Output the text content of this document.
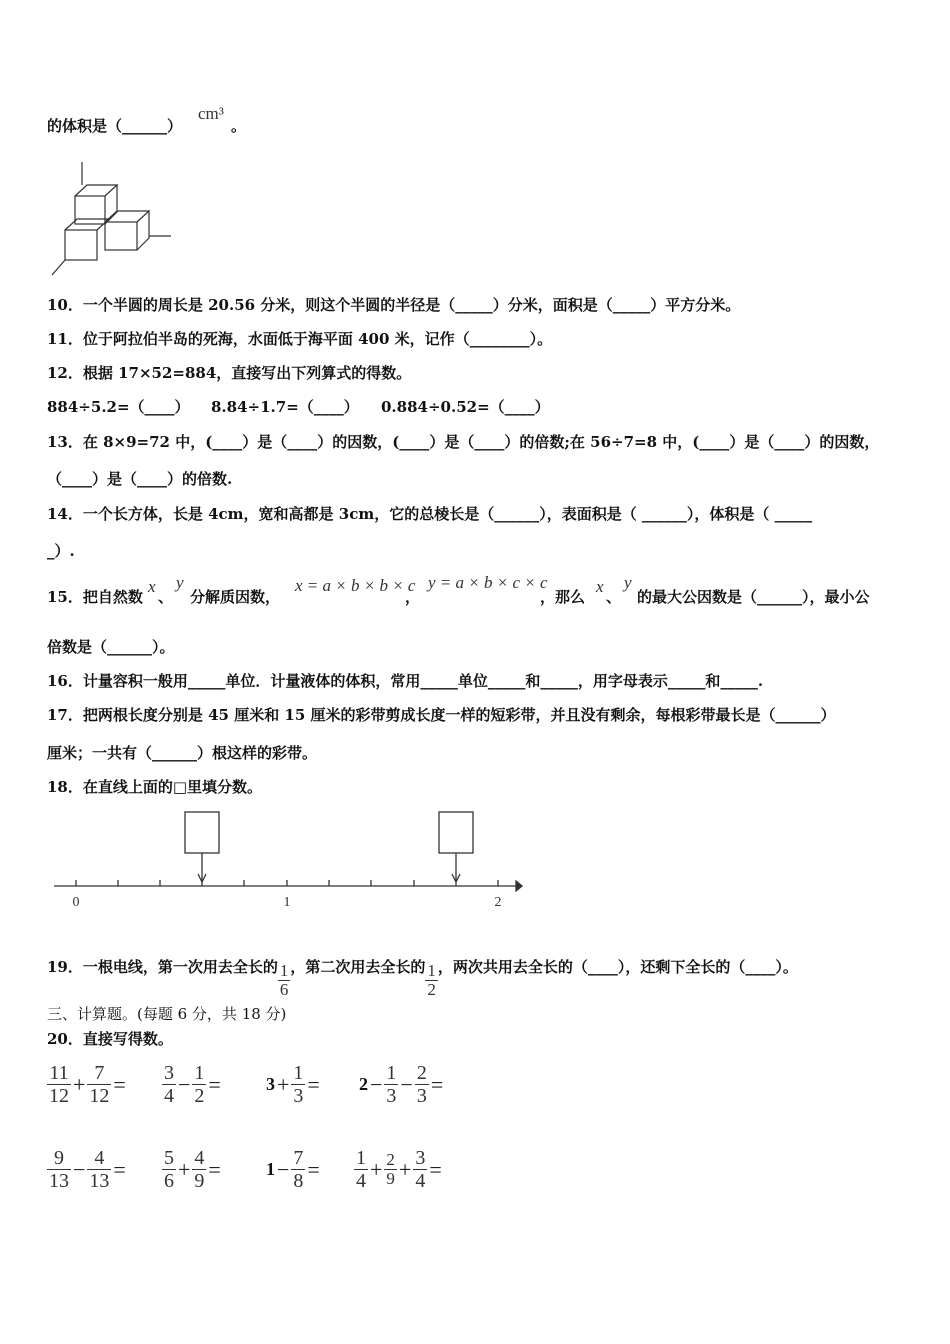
的体积是（______）
cm³
。
10．一个半圆的周长是 20.56 分米，则这个半圆的半径是（_____）分米，面积是（_____）平方分米。
11．位于阿拉伯半岛的死海，水面低于海平面 400 米，记作（________）。
12．根据 17×52=884，直接写出下列算式的得数。
884÷5.2=（____） 8.84÷1.7=（____） 0.884÷0.52=（____）
13．在 8×9=72 中，(____）是（____）的因数，(____）是（____）的倍数;在 56÷7=8 中，(____）是（____）的因数，
（____）是（____）的倍数.
14．一个长方体，长是 4cm，宽和高都是 3cm，它的总棱长是（______），表面积是（ ______），体积是（ _____
_）.
15．把自然数
x
、
y
分解质因数，
x = a × b × b × c
，
y = a × b × c × c
，那么
x
、
y
的最大公因数是（______），最小公
倍数是（______）。
16．计量容积一般用_____单位．计量液体的体积，常用_____单位_____和_____，用字母表示_____和_____.
17．把两根长度分别是 45 厘米和 15 厘米的彩带剪成长度一样的短彩带，并且没有剩余，每根彩带最长是（______）
厘米；一共有（______）根这样的彩带。
18．在直线上面的□里填分数。
0	1	2
19．一根电线，第一次用去全长的 $\frac{1}{6}$ ，第二次用去全长的 $\frac{1}{2}$ ，两次共用去全长的（____），还剩下全长的（____）。
三、计算题。(每题 6 分，共 18 分)
20．直接写得数。
$\frac{11}{12} + \frac{7}{12} = \frac{3}{4} - \frac{1}{2}$ =	$3+ \frac{1}{3} = 2- \frac{1}{3} - \frac{2}{3}$ =
$\frac{9}{13} - \frac{4}{13} = \frac{5}{6} + \frac{4}{9}$ =	$1- \frac{7}{8} = \frac{1}{4} + \frac{2}{9} + \frac{3}{4}$ =
